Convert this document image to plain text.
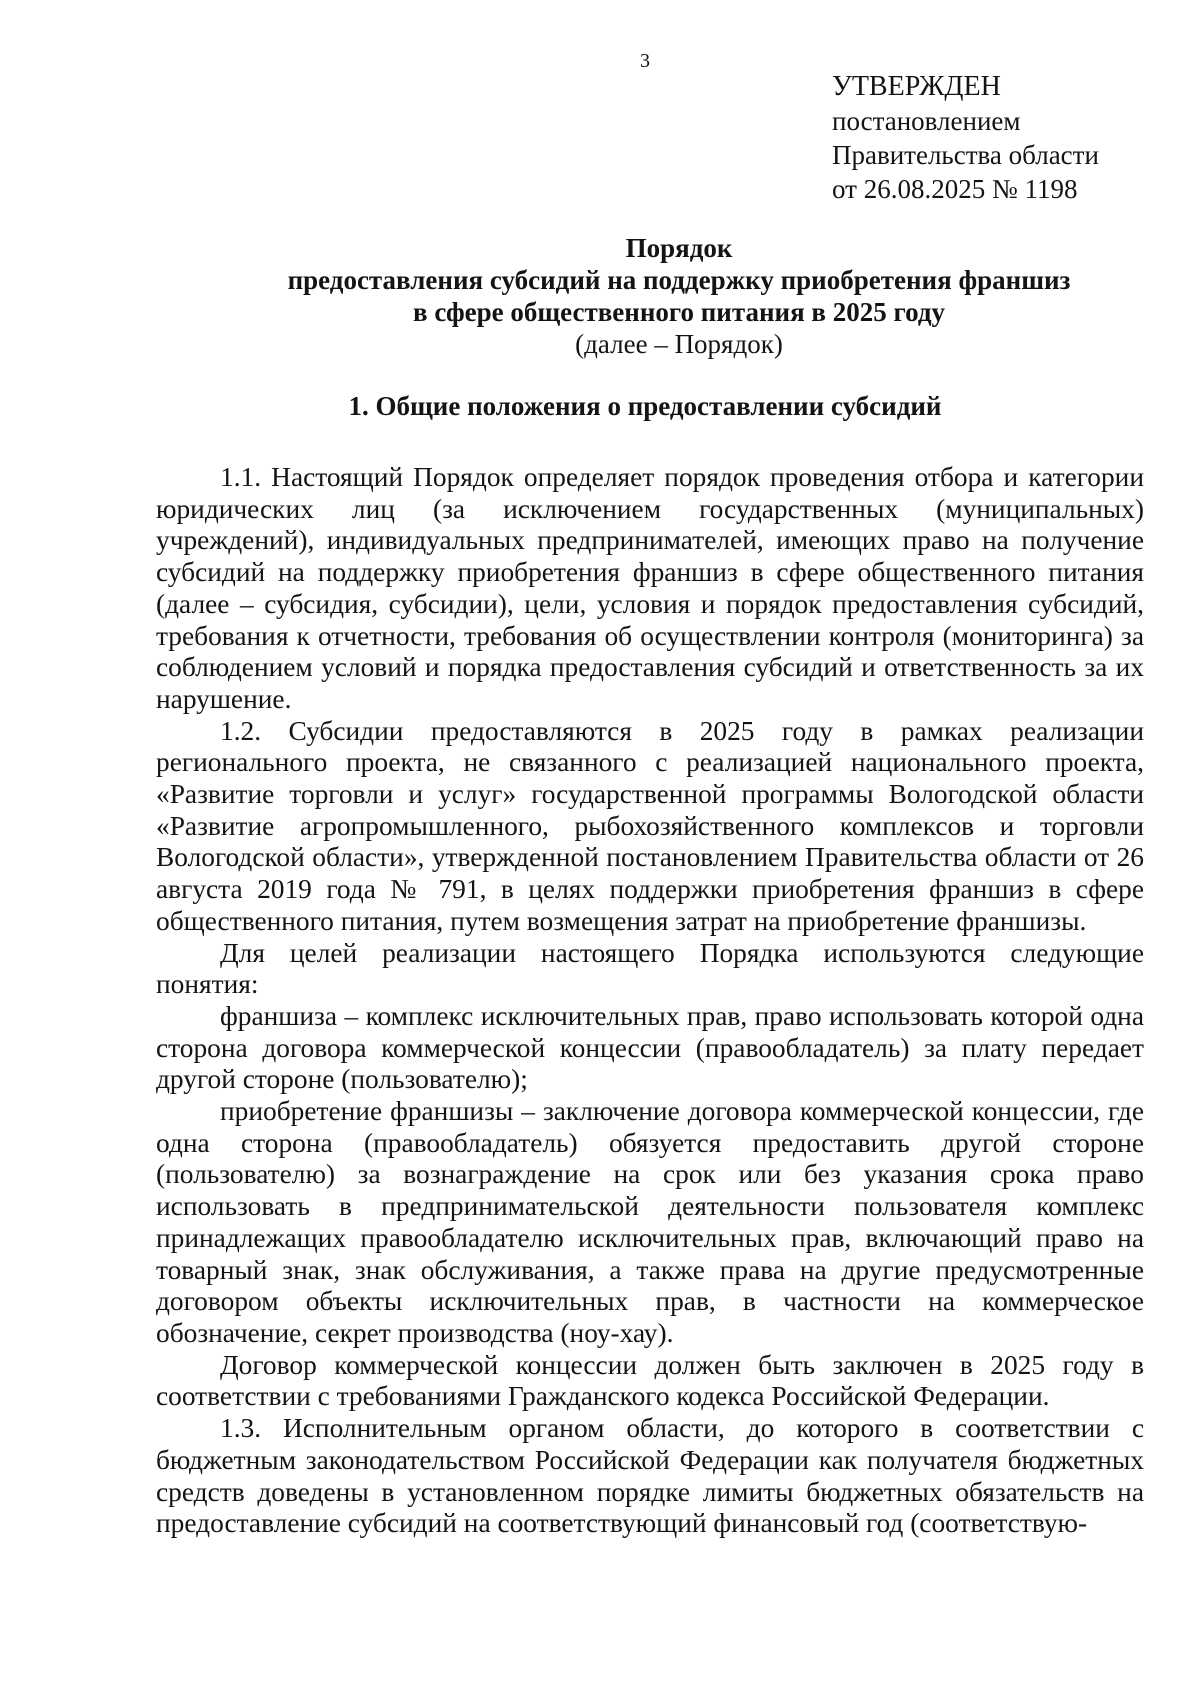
3
УТВЕРЖДЕН
постановлением
Правительства области
от 26.08.2025 № 1198
Порядок
предоставления субсидий на поддержку приобретения франшиз
в сфере общественного питания в 2025 году
(далее – Порядок)
1. Общие положения о предоставлении субсидий

1.1. Настоящий Порядок определяет порядок проведения отбора и категории юридических лиц (за исключением государственных (муниципальных) учреждений), индивидуальных предпринимателей, имеющих право на получение субсидий на поддержку приобретения франшиз в сфере общественного питания (далее – субсидия, субсидии), цели, условия и порядок предоставления субсидий, требования к отчетности, требования об осуществлении контроля (мониторинга) за соблюдением условий и порядка предоставления субсидий и ответственность за их нарушение.

1.2. Субсидии предоставляются в 2025 году в рамках реализации регионального проекта, не связанного с реализацией национального проекта, «Развитие торговли и услуг» государственной программы Вологодской области «Развитие агропромышленного, рыбохозяйственного комплексов и торговли Вологодской области», утвержденной постановлением Правительства области от 26 августа 2019 года № 791, в целях поддержки приобретения франшиз в сфере общественного питания, путем возмещения затрат на приобретение франшизы.

Для целей реализации настоящего Порядка используются следующие понятия:

франшиза – комплекс исключительных прав, право использовать которой одна сторона договора коммерческой концессии (правообладатель) за плату передает другой стороне (пользователю);

приобретение франшизы – заключение договора коммерческой концессии, где одна сторона (правообладатель) обязуется предоставить другой стороне (пользователю) за вознаграждение на срок или без указания срока право использовать в предпринимательской деятельности пользователя комплекс принадлежащих правообладателю исключительных прав, включающий право на товарный знак, знак обслуживания, а также права на другие предусмотренные договором объекты исключительных прав, в частности на коммерческое обозначение, секрет производства (ноу-хау).

Договор коммерческой концессии должен быть заключен в 2025 году в соответствии с требованиями Гражданского кодекса Российской Федерации.

1.3. Исполнительным органом области, до которого в соответствии с бюджетным законодательством Российской Федерации как получателя бюджетных средств доведены в установленном порядке лимиты бюджетных обязательств на предоставление субсидий на соответствующий финансовый год (соответствую-
